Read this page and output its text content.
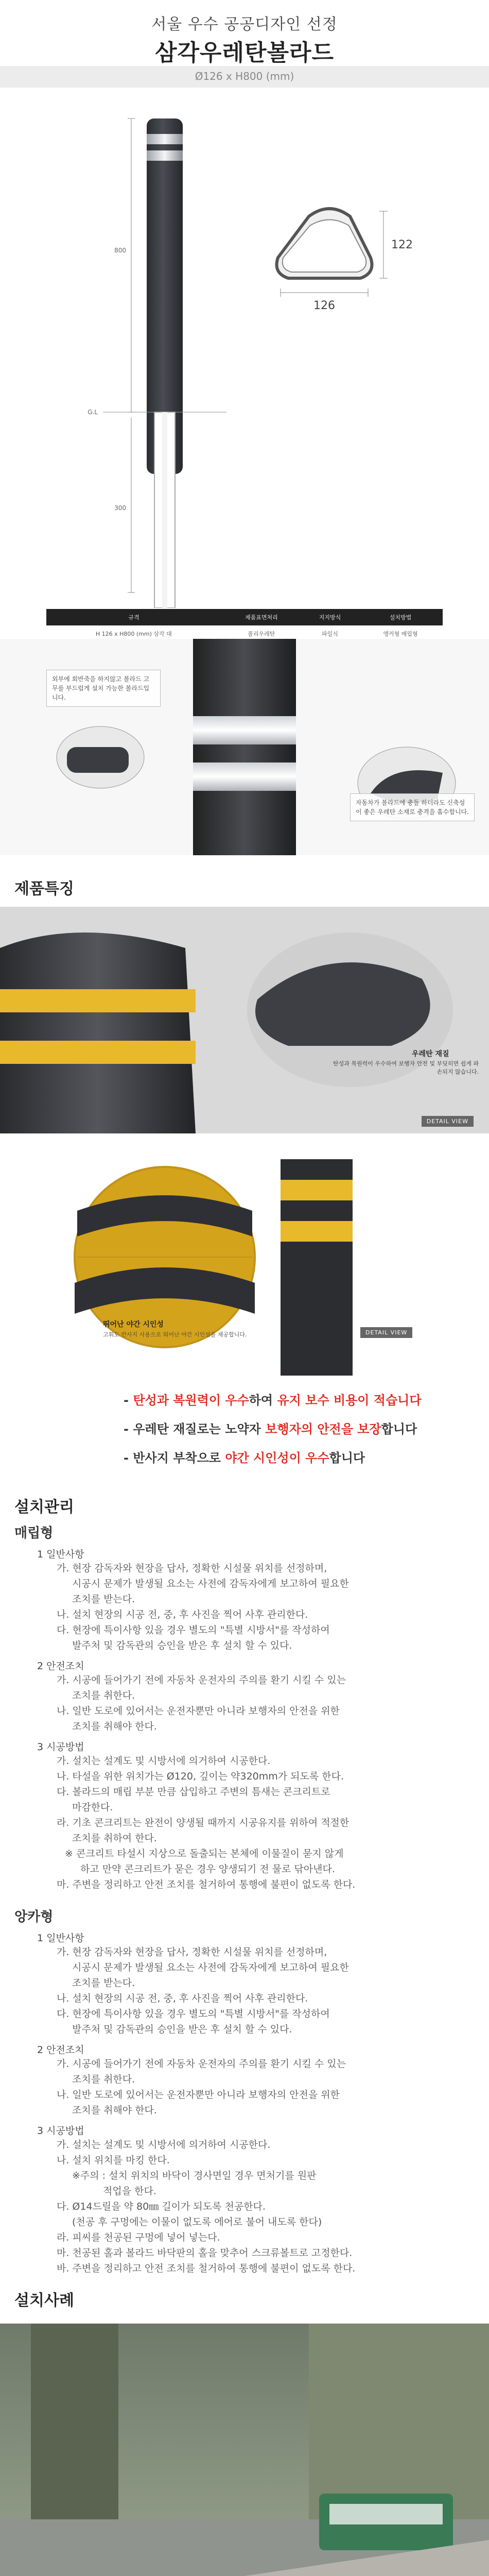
서울 우수 공공디자인 선정

삼각우레탄볼라드

Ø126 x H800 (mm)

800
300
G.L
126
122
규격	제품표면처리	지지방식	설치방법
H 126 x H800 (mm) 삼각 대	폴리우레탄	파일식	앵커형 매립형
외부에 회반죽을 하지않고 볼라드 고무를 부드럽게 설치 가능한 볼라드입니다.
자동차가 볼라드에 충돌 하더라도 신축성이 좋은 우레탄 소재로 충격을 흡수합니다.
제품특징
우레탄 재질
탄성과 복원력이 우수하여 보행자 안전 및 부딪히면 쉽게 파손되지 않습니다.
DETAIL VIEW
뛰어난 야간 시인성
고휘도 반사지 사용으로 뛰어난 야간 시인성을 제공합니다.	DETAIL VIEW
- 탄성과 복원력이 우수하여 유지 보수 비용이 적습니다
- 우레탄 재질로는 노약자 보행자의 안전을 보장합니다
- 반사지 부착으로 야간 시인성이 우수합니다
설치관리
매립형
1 일반사항
가. 현장 감독자와 현장을 답사, 정확한 시설물 위치를 선정하며,
시공시 문제가 발생될 요소는 사전에 감독자에게 보고하여 필요한
조치를 받는다.
나. 설치 현장의 시공 전, 중, 후 사진을 찍어 사후 관리한다.
다. 현장에 특이사항 있을 경우 별도의 "특별 시방서"를 작성하여
발주처 및 감독관의 승인을 받은 후 설치 할 수 있다.
2 안전조치
가. 시공에 들어가기 전에 자동차 운전자의 주의를 환기 시킬 수 있는
조치를 취한다.
나. 일반 도로에 있어서는 운전자뿐만 아니라 보행자의 안전을 위한
조치를 취해야 한다.
3 시공방법
가. 설치는 설계도 및 시방서에 의거하여 시공한다.
나. 타설을 위한 위치가는 Ø120, 깊이는 약320mm가 되도록 한다.
다. 볼라드의 매립 부분 만큼 삽입하고 주변의 틈새는 콘크리트로
마감한다.
라. 기초 콘크리트는 완전이 양생될 때까지 시공유지를 위하여 적절한
조치를 취하여 한다.
※ 콘크리트 타설시 지상으로 돌출되는 본체에 이물질이 묻지 않게
하고 만약 콘크리트가 묻은 경우 양생되기 전 물로 닦아낸다.
마. 주변을 정리하고 안전 조치를 철거하여 통행에 불편이 없도록 한다.
앙카형
1 일반사항
가. 현장 감독자와 현장을 답사, 정확한 시설물 위치를 선정하며,
시공시 문제가 발생될 요소는 사전에 감독자에게 보고하여 필요한
조치를 받는다.
나. 설치 현장의 시공 전, 중, 후 사진을 찍어 사후 관리한다.
다. 현장에 특이사항 있을 경우 별도의 "특별 시방서"를 작성하여
발주처 및 감독관의 승인을 받은 후 설치 할 수 있다.
2 안전조치
가. 시공에 들어가기 전에 자동차 운전자의 주의를 환기 시킬 수 있는
조치를 취한다.
나. 일반 도로에 있어서는 운전자뿐만 아니라 보행자의 안전을 위한
조치를 취해야 한다.
3 시공방법
가. 설치는 설계도 및 시방서에 의거하여 시공한다.
나. 설치 위치를 마킹 한다.
※주의 : 설치 위치의 바닥이 경사면일 경우 면처기를 원판
적업을 한다.
다. Ø14드릴을 약 80㎜ 길이가 되도록 천공한다.
(천공 후 구멍에는 이물이 없도록 에어로 불어 내도록 한다)
라. 피씨를 천공된 구멍에 넣어 넣는다.
마. 천공된 홀과 볼라드 바닥판의 홀을 맞추어 스크류볼트로 고정한다.
바. 주변을 정리하고 안전 조치를 철거하여 통행에 불편이 없도록 한다.
설치사례
